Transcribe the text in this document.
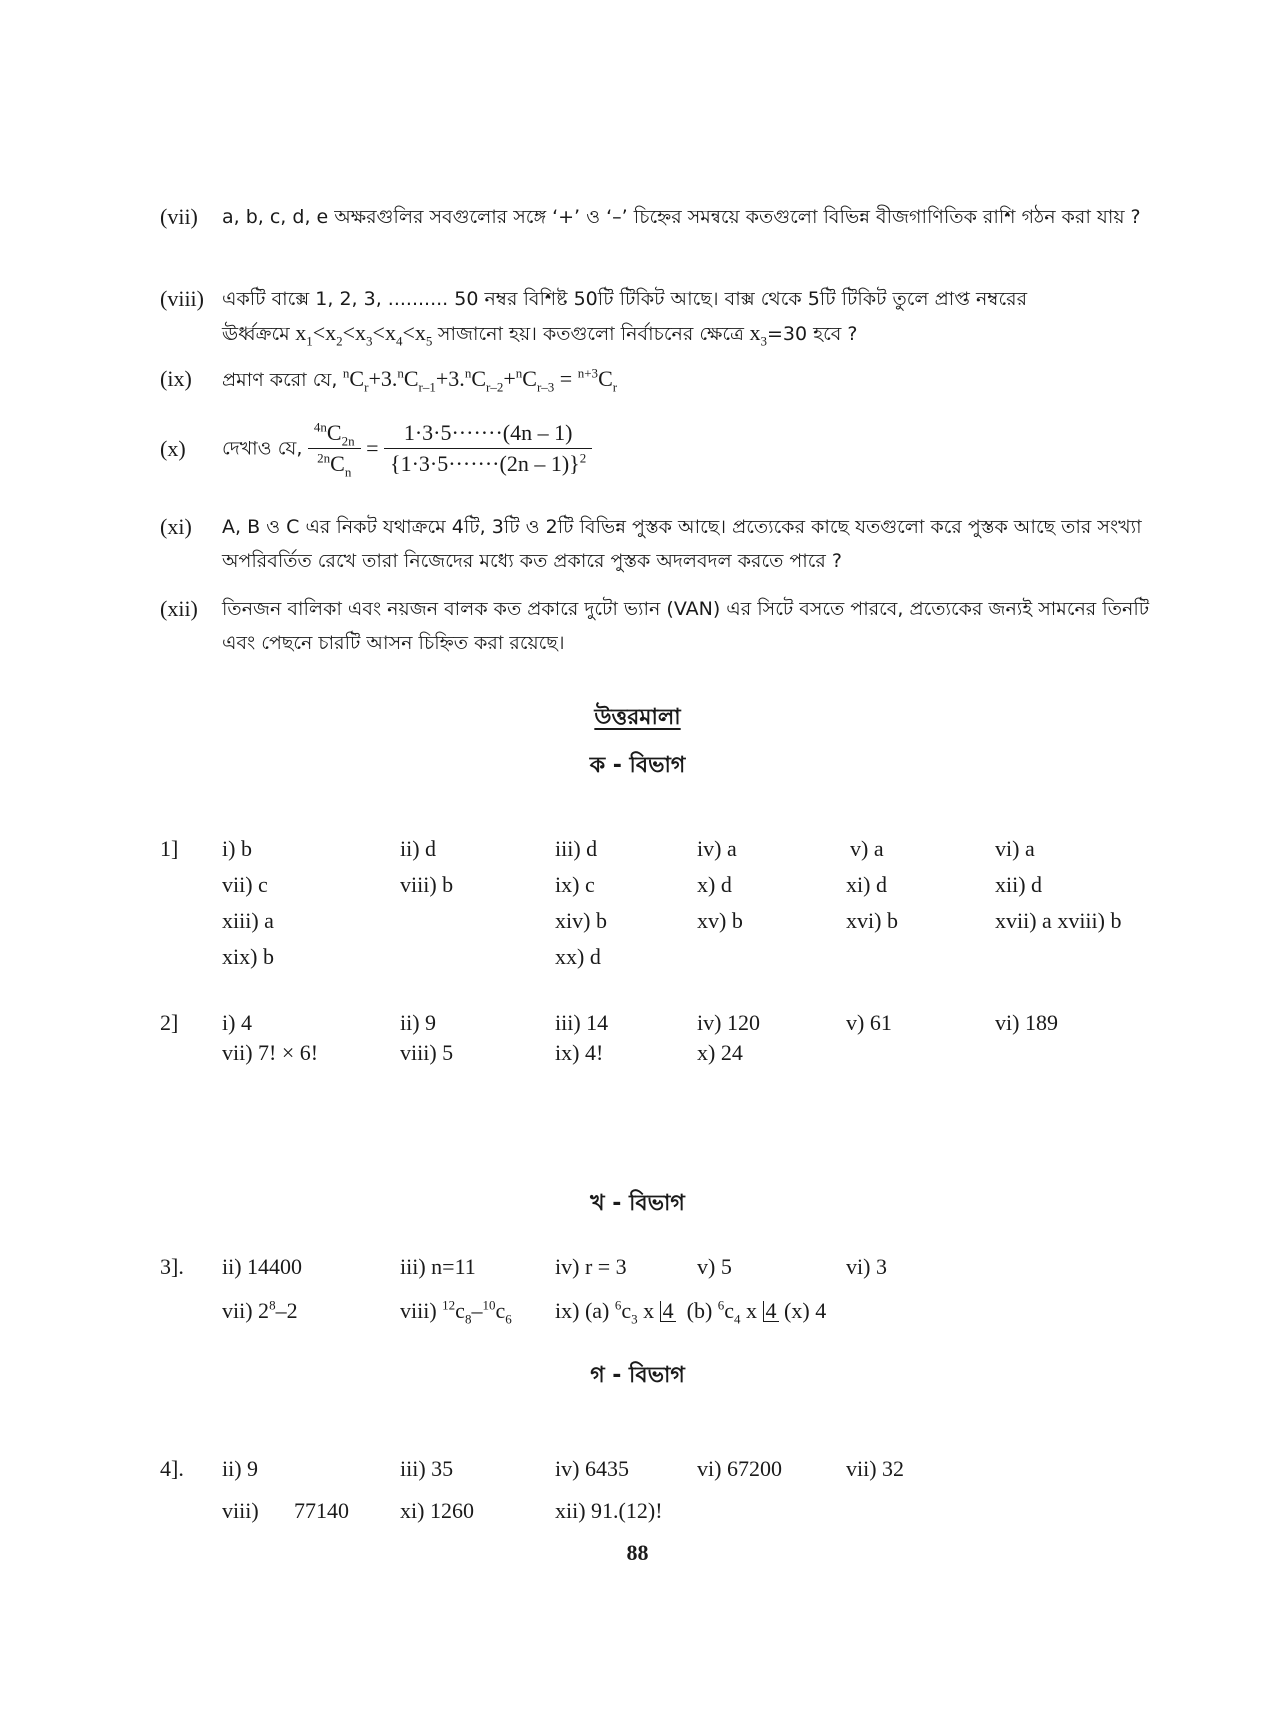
(vii)	a, b, c, d, e অক্ষরগুলির সবগুলোর সঙ্গে ‘+’ ও ‘–’ চিহ্নের সমন্বয়ে কতগুলো বিভিন্ন বীজগাণিতিক রাশি গঠন করা যায় ?
(viii) একটি বাক্সে 1, 2, 3, .......... 50 নম্বর বিশিষ্ট 50টি টিকিট আছে। বাক্স থেকে 5টি টিকিট তুলে প্রাপ্ত নম্বরের
ঊর্ধ্বক্রমে $x_1<x_2<x_3<x_4<x_5$ সাজানো হয়। কতগুলো নির্বাচনের ক্ষেত্রে $x_3=30$ হবে ?
(ix)	প্রমাণ করো যে, $^nC_r+3.^nC_{r-1}+3.^nC_{r-2}+^nC_{r-3} = ^{n+3}C_r$
(x)	দেখাও যে, $\frac{^{4n}C_{2n}}{^{2n}C_n} = \frac{1\cdot 3\cdot 5\cdot\cdot\cdot\cdot\cdot\cdot\cdot(4n - 1)}{\{1\cdot 3\cdot 5\cdot\cdot\cdot\cdot\cdot\cdot\cdot(2n - 1)\}^2}$
(xi)	A, B ও C এর নিকট যথাক্রমে 4টি, 3টি ও 2টি বিভিন্ন পুস্তক আছে। প্রত্যেকের কাছে যতগুলো করে পুস্তক আছে তার সংখ্যা অপরিবর্তিত রেখে তারা নিজেদের মধ্যে কত প্রকারে পুস্তক অদলবদল করতে পারে ?
(xii)	তিনজন বালিকা এবং নয়জন বালক কত প্রকারে দুটো ভ্যান (VAN) এর সিটে বসতে পারবে, প্রত্যেকের জন্যই সামনের তিনটি এবং পেছনে চারটি আসন চিহ্নিত করা রয়েছে।
উত্তরমালা
ক - বিভাগ
1] i) b	ii) d	iii) d	iv) a	v) a	vi) a
vii) c	viii) b	ix) c	x) d	xi) d	xii) d
xiii) a	xiv) b	xv) b	xvi) b	xvii) a xviii) b
xix) b	xx) d
2] i) 4	ii) 9	iii) 14	iv) 120	v) 61	vi) 189
vii) 7! × 6!	viii) 5	ix) 4!	x) 24
খ - বিভাগ
3]. ii) 14400	iii) n=11	iv) r = 3	v) 5	vi) 3
vii) $2^8-2$	viii) $^{12}c_8-^{10}c_6$ ix) (a) $^6c_3$ x 4  (b) $^6c_4$ x 4 (x) 4
গ - বিভাগ
4]. ii) 9	iii) 35	iv) 6435	vi) 67200	vii) 32
viii) 77140 xi) 1260	xii) 91.(12)!
88
